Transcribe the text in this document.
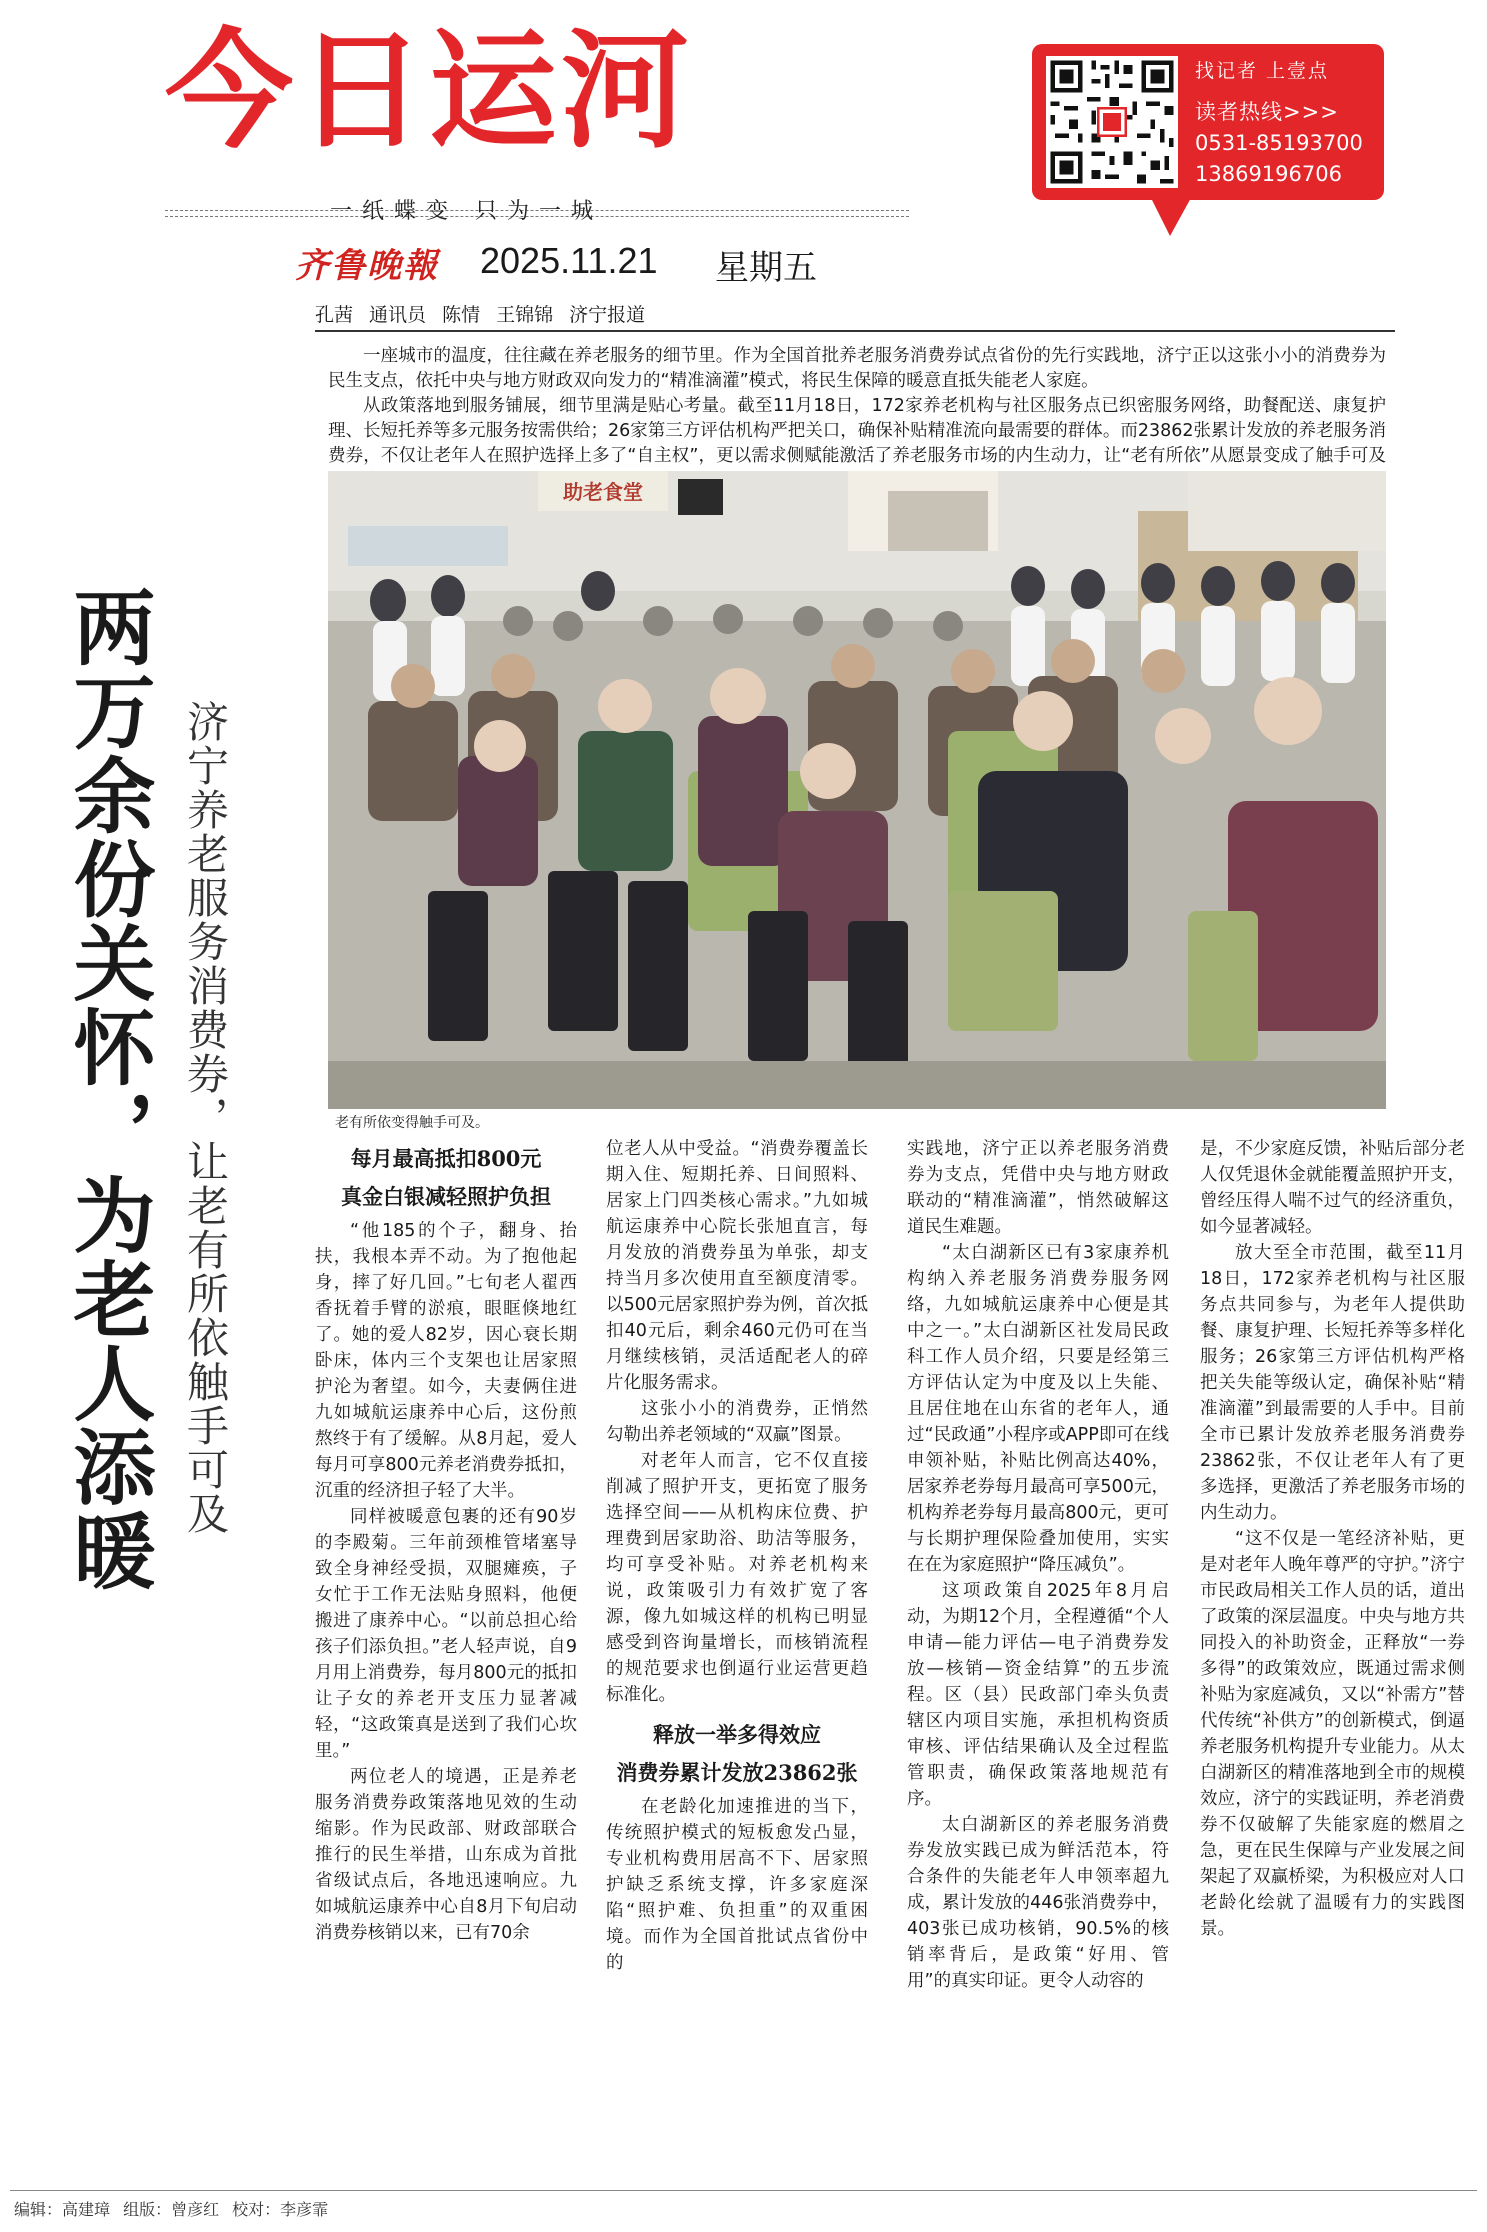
今日运河
一纸蝶变 只为一城
齐鲁晚報 2025.11.21 星期五
找记者 上壹点
读者热线>>>
0531-85193700
13869196706
孔茜 通讯员 陈情 王锦锦 济宁报道

一座城市的温度，往往藏在养老服务的细节里。作为全国首批养老服务消费券试点省份的先行实践地，济宁正以这张小小的消费券为民生支点，依托中央与地方财政双向发力的“精准滴灌”模式，将民生保障的暖意直抵失能老人家庭。

从政策落地到服务铺展，细节里满是贴心考量。截至11月18日，172家养老机构与社区服务点已织密服务网络，助餐配送、康复护理、长短托养等多元服务按需供给；26家第三方评估机构严把关口，确保补贴精准流向最需要的群体。而23862张累计发放的养老服务消费券，不仅让老年人在照护选择上多了“自主权”，更以需求侧赋能激活了养老服务市场的内生动力，让“老有所依”从愿景变成了触手可及

助老食堂
老有所依变得触手可及。
两万余份关怀，为老人添暖 济宁养老服务消费券，让老有所依触手可及	每月最高抵扣800元
真金白银减轻照护负担

“他185的个子，翻身、抬扶，我根本弄不动。为了抱他起身，摔了好几回。”七旬老人翟西香抚着手臂的淤痕，眼眶倏地红了。她的爱人82岁，因心衰长期卧床，体内三个支架也让居家照护沦为奢望。如今，夫妻俩住进九如城航运康养中心后，这份煎熬终于有了缓解。从8月起，爱人每月可享800元养老消费券抵扣，沉重的经济担子轻了大半。

同样被暖意包裹的还有90岁的李殿菊。三年前颈椎管堵塞导致全身神经受损，双腿瘫痪，子女忙于工作无法贴身照料，他便搬进了康养中心。“以前总担心给孩子们添负担。”老人轻声说，自9月用上消费券，每月800元的抵扣让子女的养老开支压力显著减轻，“这政策真是送到了我们心坎里。”

两位老人的境遇，正是养老服务消费券政策落地见效的生动缩影。作为民政部、财政部联合推行的民生举措，山东成为首批省级试点后，各地迅速响应。九如城航运康养中心自8月下旬启动消费券核销以来，已有70余

位老人从中受益。“消费券覆盖长期入住、短期托养、日间照料、居家上门四类核心需求。”九如城航运康养中心院长张旭直言，每月发放的消费券虽为单张，却支持当月多次使用直至额度清零。以500元居家照护券为例，首次抵扣40元后，剩余460元仍可在当月继续核销，灵活适配老人的碎片化服务需求。

这张小小的消费券，正悄然勾勒出养老领域的“双赢”图景。

对老年人而言，它不仅直接削减了照护开支，更拓宽了服务选择空间——从机构床位费、护理费到居家助浴、助洁等服务，均可享受补贴。对养老机构来说，政策吸引力有效扩宽了客源，像九如城这样的机构已明显感受到咨询量增长，而核销流程的规范要求也倒逼行业运营更趋标准化。

释放一举多得效应
消费券累计发放23862张

在老龄化加速推进的当下，传统照护模式的短板愈发凸显，专业机构费用居高不下、居家照护缺乏系统支撑，许多家庭深陷“照护难、负担重”的双重困境。而作为全国首批试点省份中的

实践地，济宁正以养老服务消费券为支点，凭借中央与地方财政联动的“精准滴灌”，悄然破解这道民生难题。

“太白湖新区已有3家康养机构纳入养老服务消费券服务网络，九如城航运康养中心便是其中之一。”太白湖新区社发局民政科工作人员介绍，只要是经第三方评估认定为中度及以上失能、且居住地在山东省的老年人，通过“民政通”小程序或APP即可在线申领补贴，补贴比例高达40%，居家养老券每月最高可享500元，机构养老券每月最高800元，更可与长期护理保险叠加使用，实实在在为家庭照护“降压减负”。

这项政策自2025年8月启动，为期12个月，全程遵循“个人申请—能力评估—电子消费券发放—核销—资金结算”的五步流程。区（县）民政部门牵头负责辖区内项目实施，承担机构资质审核、评估结果确认及全过程监管职责，确保政策落地规范有序。

太白湖新区的养老服务消费券发放实践已成为鲜活范本，符合条件的失能老年人申领率超九成，累计发放的446张消费券中，403张已成功核销，90.5%的核销率背后，是政策“好用、管用”的真实印证。更令人动容的

是，不少家庭反馈，补贴后部分老人仅凭退休金就能覆盖照护开支，曾经压得人喘不过气的经济重负，如今显著减轻。

放大至全市范围，截至11月18日，172家养老机构与社区服务点共同参与，为老年人提供助餐、康复护理、长短托养等多样化服务；26家第三方评估机构严格把关失能等级认定，确保补贴“精准滴灌”到最需要的人手中。目前全市已累计发放养老服务消费券23862张，不仅让老年人有了更多选择，更激活了养老服务市场的内生动力。

“这不仅是一笔经济补贴，更是对老年人晚年尊严的守护。”济宁市民政局相关工作人员的话，道出了政策的深层温度。中央与地方共同投入的补助资金，正释放“一券多得”的政策效应，既通过需求侧补贴为家庭减负，又以“补需方”替代传统“补供方”的创新模式，倒逼养老服务机构提升专业能力。从太白湖新区的精准落地到全市的规模效应，济宁的实践证明，养老消费券不仅破解了失能家庭的燃眉之急，更在民生保障与产业发展之间架起了双赢桥梁，为积极应对人口老龄化绘就了温暖有力的实践图景。

编辑：高建璋 组版：曾彦红 校对：李彦霏
